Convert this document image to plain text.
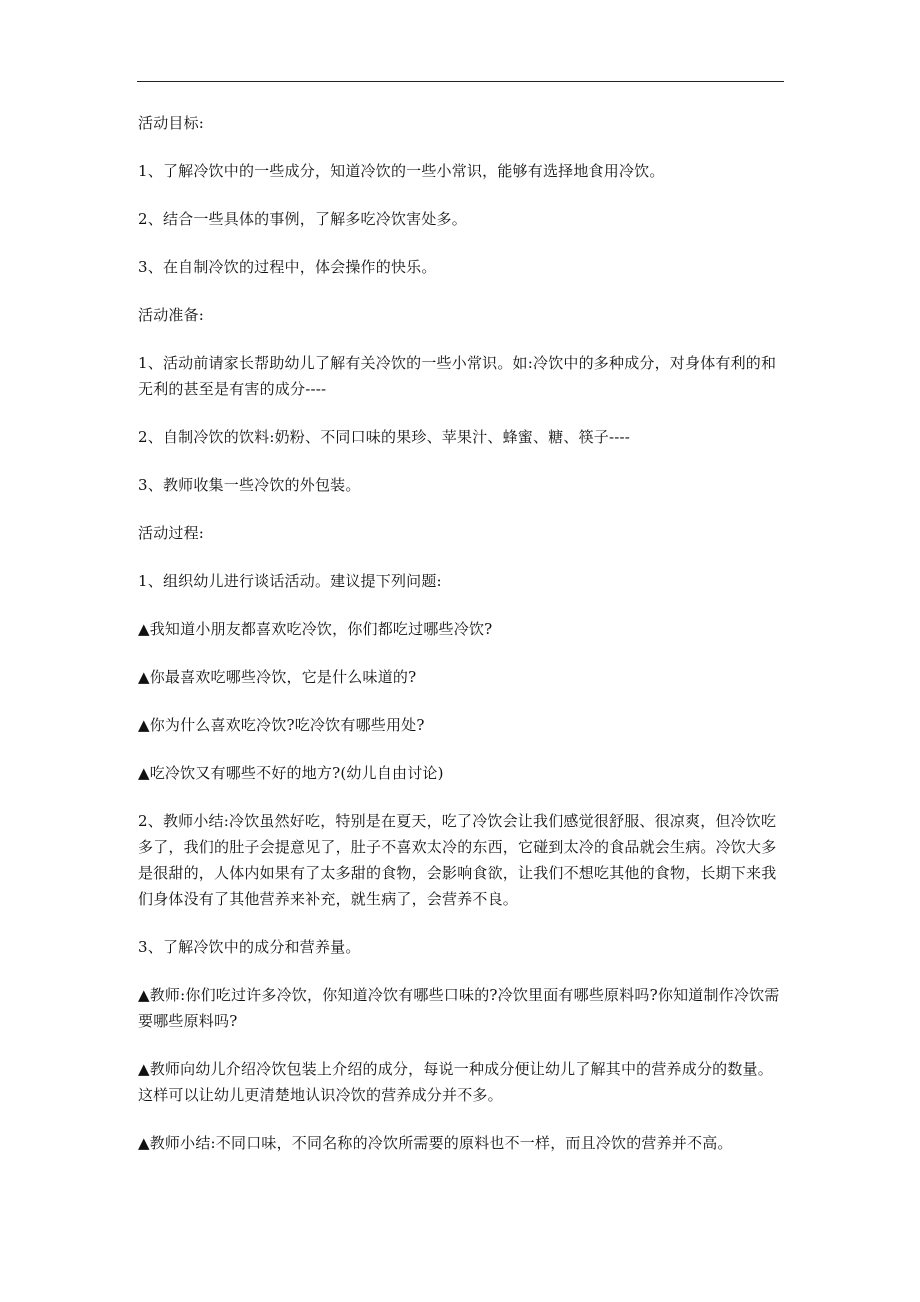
活动目标:

1、了解冷饮中的一些成分，知道冷饮的一些小常识，能够有选择地食用冷饮。

2、结合一些具体的事例，了解多吃冷饮害处多。

3、在自制冷饮的过程中，体会操作的快乐。

活动准备:

1、活动前请家长帮助幼儿了解有关冷饮的一些小常识。如:冷饮中的多种成分，对身体有利的和无利的甚至是有害的成分----

2、自制冷饮的饮料:奶粉、不同口味的果珍、苹果汁、蜂蜜、糖、筷子----

3、教师收集一些冷饮的外包装。

活动过程:

1、组织幼儿进行谈话活动。建议提下列问题:

▲我知道小朋友都喜欢吃冷饮，你们都吃过哪些冷饮?

▲你最喜欢吃哪些冷饮，它是什么味道的?

▲你为什么喜欢吃冷饮?吃冷饮有哪些用处?

▲吃冷饮又有哪些不好的地方?(幼儿自由讨论)

2、教师小结:冷饮虽然好吃，特别是在夏天，吃了冷饮会让我们感觉很舒服、很凉爽，但冷饮吃多了，我们的肚子会提意见了，肚子不喜欢太冷的东西，它碰到太冷的食品就会生病。冷饮大多是很甜的，人体内如果有了太多甜的食物，会影响食欲，让我们不想吃其他的食物，长期下来我们身体没有了其他营养来补充，就生病了，会营养不良。

3、了解冷饮中的成分和营养量。

▲教师:你们吃过许多冷饮，你知道冷饮有哪些口味的?冷饮里面有哪些原料吗?你知道制作冷饮需要哪些原料吗?

▲教师向幼儿介绍冷饮包装上介绍的成分，每说一种成分便让幼儿了解其中的营养成分的数量。这样可以让幼儿更清楚地认识冷饮的营养成分并不多。

▲教师小结:不同口味，不同名称的冷饮所需要的原料也不一样，而且冷饮的营养并不高。
